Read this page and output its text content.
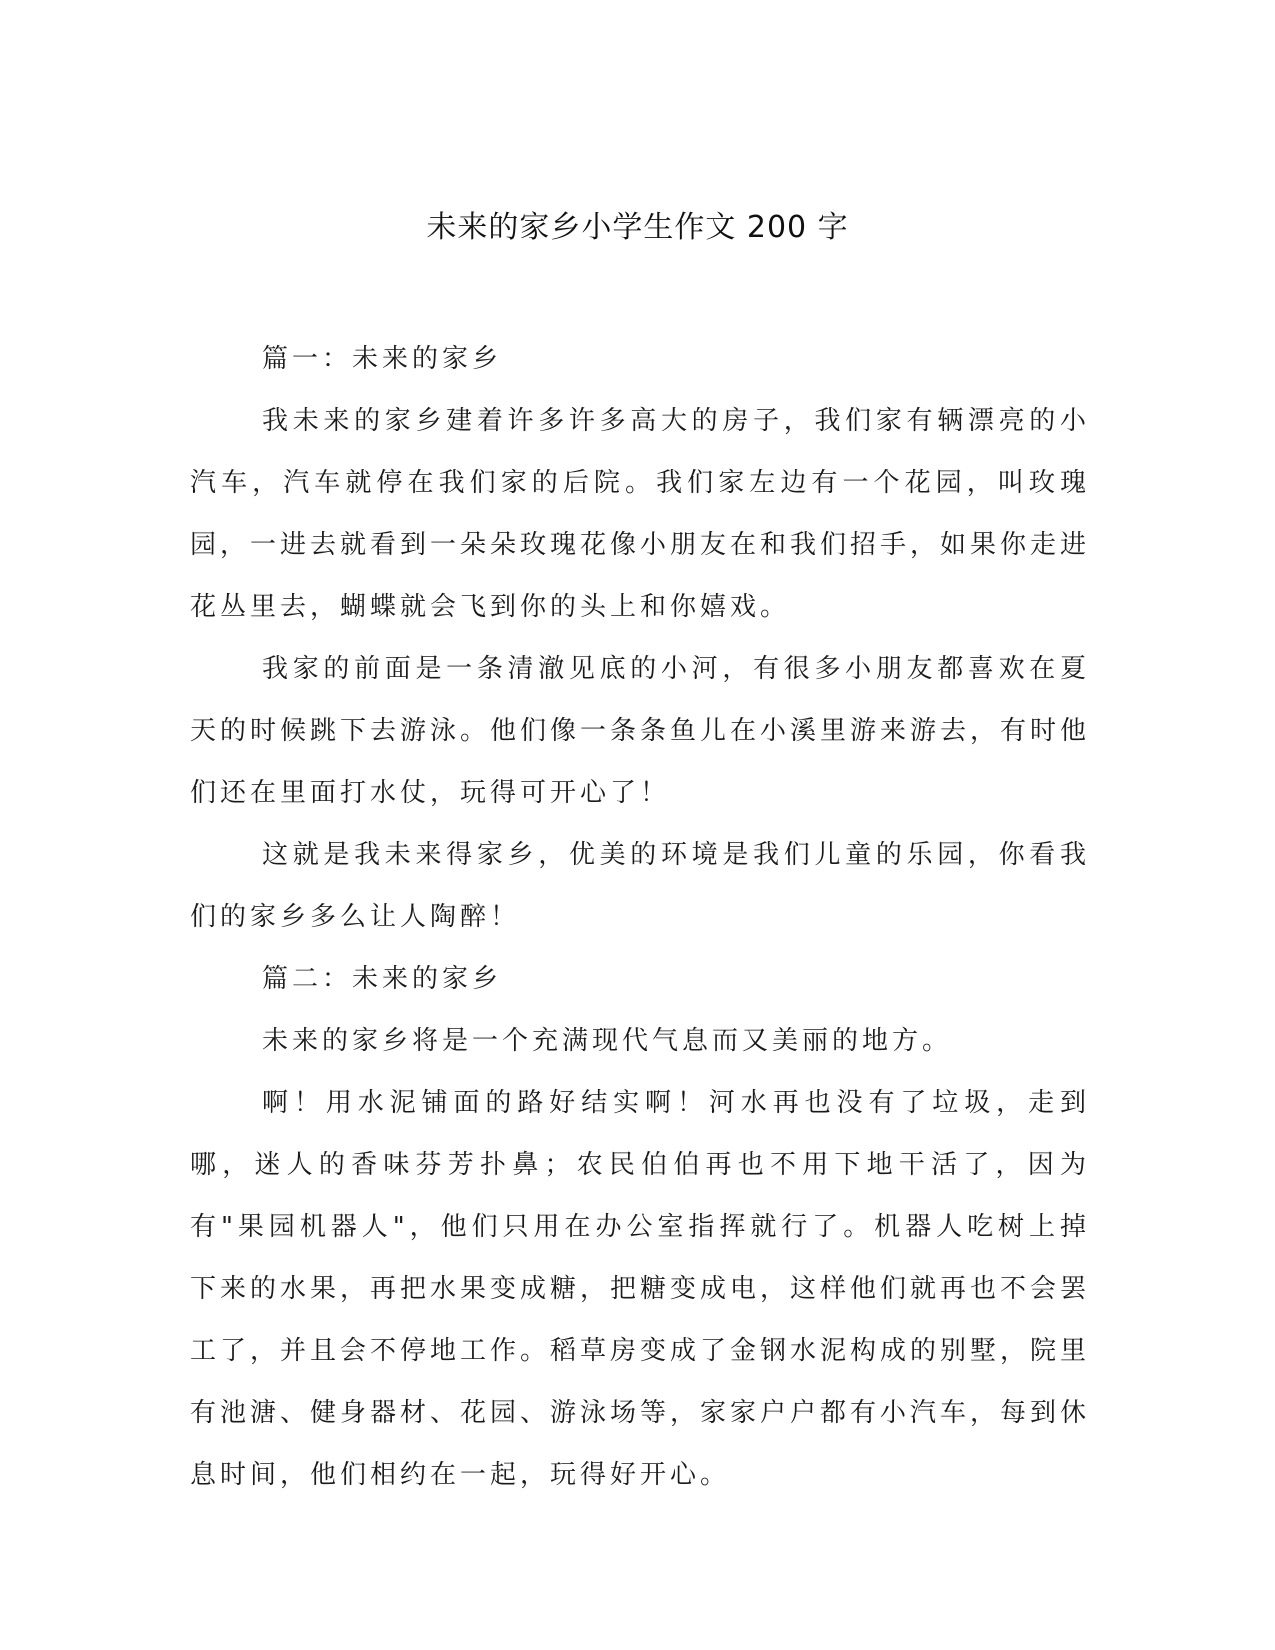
未来的家乡小学生作文 200 字

篇一：未来的家乡

我未来的家乡建着许多许多高大的房子，我们家有辆漂亮的小汽车，汽车就停在我们家的后院。我们家左边有一个花园，叫玫瑰园，一进去就看到一朵朵玫瑰花像小朋友在和我们招手，如果你走进花丛里去，蝴蝶就会飞到你的头上和你嬉戏。

我家的前面是一条清澈见底的小河，有很多小朋友都喜欢在夏天的时候跳下去游泳。他们像一条条鱼儿在小溪里游来游去，有时他们还在里面打水仗，玩得可开心了！

这就是我未来得家乡，优美的环境是我们儿童的乐园，你看我们的家乡多么让人陶醉！

篇二：未来的家乡

未来的家乡将是一个充满现代气息而又美丽的地方。

啊！用水泥铺面的路好结实啊！河水再也没有了垃圾，走到哪，迷人的香味芬芳扑鼻；农民伯伯再也不用下地干活了，因为有"果园机器人"，他们只用在办公室指挥就行了。机器人吃树上掉下来的水果，再把水果变成糖，把糖变成电，这样他们就再也不会罢工了，并且会不停地工作。稻草房变成了金钢水泥构成的别墅，院里有池溏、健身器材、花园、游泳场等，家家户户都有小汽车，每到休息时间，他们相约在一起，玩得好开心。
